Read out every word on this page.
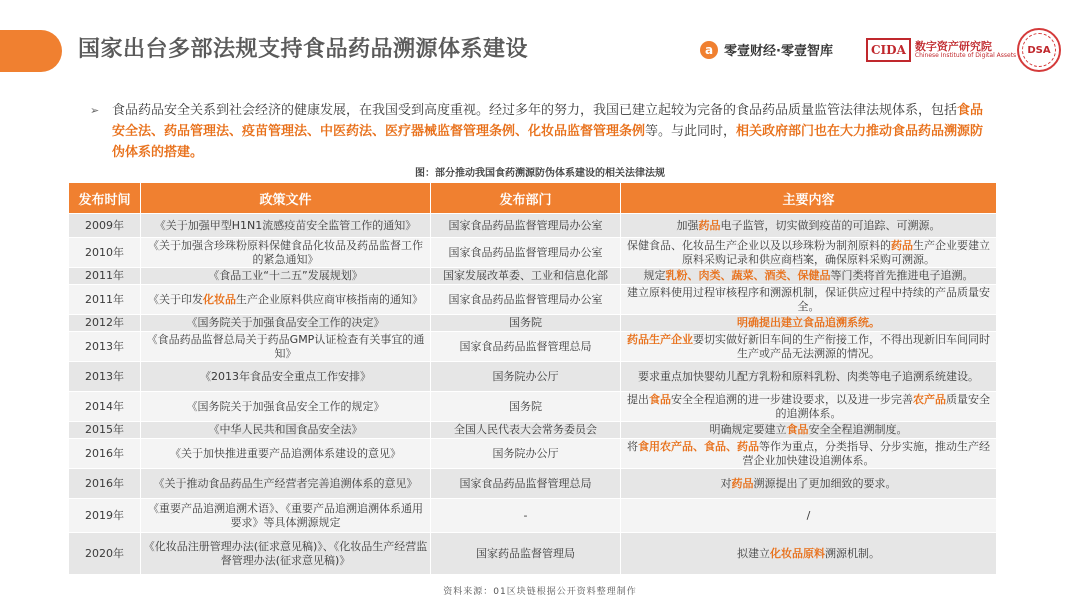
国家出台多部法规支持食品药品溯源体系建设	a 零壹财经·零壹智库	CIDA 数字资产研究院
Chinese Institute of Digital Assets	DSA
➢ 食品药品安全关系到社会经济的健康发展，在我国受到高度重视。经过多年的努力，我国已建立起较为完备的食品药品质量监管法律法规体系，包括食品安全法、药品管理法、疫苗管理法、中医药法、医疗器械监督管理条例、化妆品监督管理条例等。与此同时，相关政府部门也在大力推动食品药品溯源防伪体系的搭建。
图：部分推动我国食药溯源防伪体系建设的相关法律法规
发布时间	政策文件	发布部门	主要内容
2009年	《关于加强甲型H1N1流感疫苗安全监管工作的通知》	国家食品药品监督管理局办公室	加强药品电子监管，切实做到疫苗的可追踪、可溯源。
2010年	《关于加强含珍珠粉原料保健食品化妆品及药品监督工作的紧急通知》	国家食品药品监督管理局办公室	保健食品、化妆品生产企业以及以珍珠粉为制剂原料的药品生产企业要建立原料采购记录和供应商档案，确保原料采购可溯源。
2011年	《食品工业“十二五”发展规划》	国家发展改革委、工业和信息化部	规定乳粉、肉类、蔬菜、酒类、保健品等门类将首先推进电子追溯。
2011年	《关于印发化妆品生产企业原料供应商审核指南的通知》	国家食品药品监督管理局办公室	建立原料使用过程审核程序和溯源机制，保证供应过程中持续的产品质量安全。
2012年	《国务院关于加强食品安全工作的决定》	国务院	明确提出建立食品追溯系统。
2013年	《食品药品监督总局关于药品GMP认证检查有关事宜的通知》	国家食品药品监督管理总局	药品生产企业要切实做好新旧车间的生产衔接工作，不得出现新旧车间同时生产或产品无法溯源的情况。
2013年	《2013年食品安全重点工作安排》	国务院办公厅	要求重点加快婴幼儿配方乳粉和原料乳粉、肉类等电子追溯系统建设。
2014年	《国务院关于加强食品安全工作的规定》	国务院	提出食品安全全程追溯的进一步建设要求，以及进一步完善农产品质量安全的追溯体系。
2015年	《中华人民共和国食品安全法》	全国人民代表大会常务委员会	明确规定要建立食品安全全程追溯制度。
2016年	《关于加快推进重要产品追溯体系建设的意见》	国务院办公厅	将食用农产品、食品、药品等作为重点，分类指导、分步实施，推动生产经营企业加快建设追溯体系。
2016年	《关于推动食品药品生产经营者完善追溯体系的意见》	国家食品药品监督管理总局	对药品溯源提出了更加细致的要求。
2019年	《重要产品追溯追溯术语》、《重要产品追溯追溯体系通用要求》等具体溯源规定	-	/
2020年	《化妆品注册管理办法(征求意见稿)》、《化妆品生产经营监督管理办法(征求意见稿)》	国家药品监督管理局	拟建立化妆品原料溯源机制。
资料来源：01区块链根据公开资料整理制作
